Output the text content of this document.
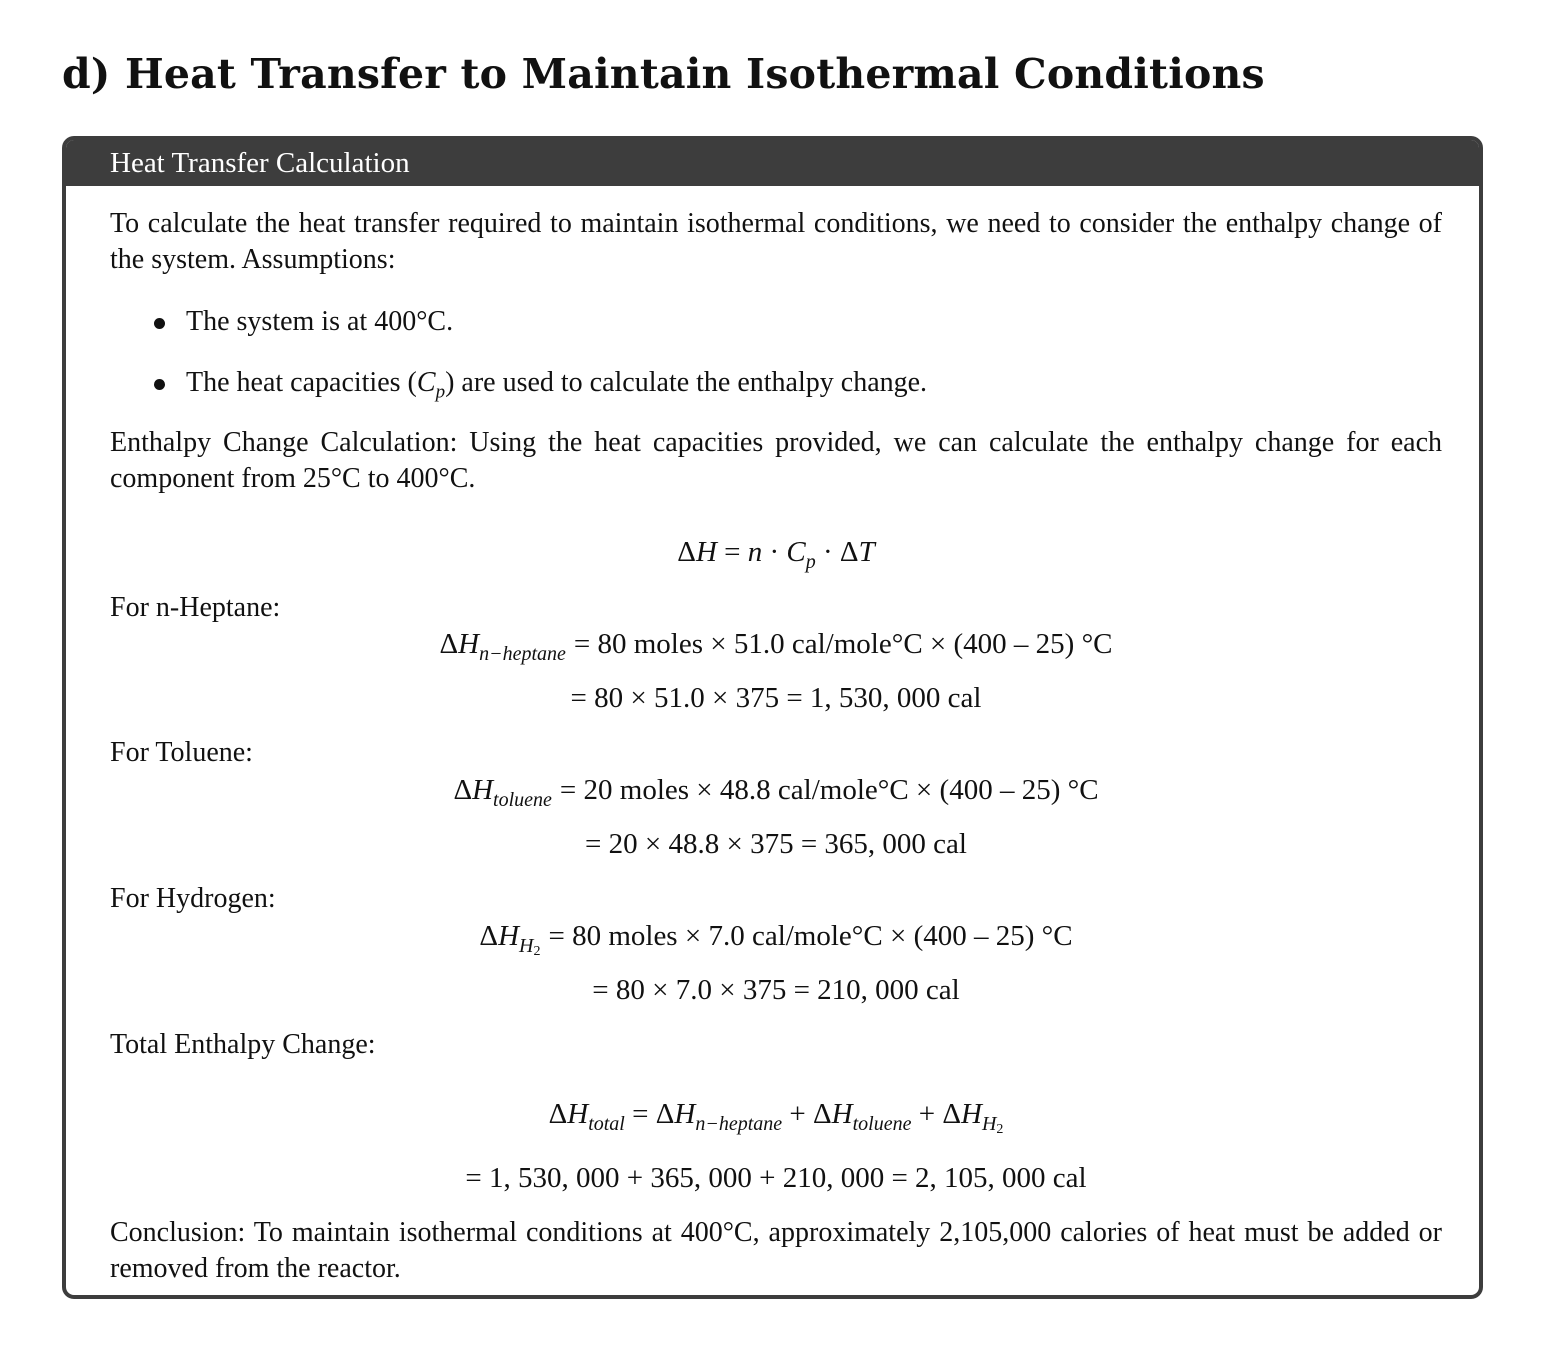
d) Heat Transfer to Maintain Isothermal Conditions
Heat Transfer Calculation

To calculate the heat transfer required to maintain isothermal conditions, we need to consider the enthalpy change of the system. Assumptions:

The system is at 400°C.
The heat capacities $(C_p)$ are used to calculate the enthalpy change.

Enthalpy Change Calculation: Using the heat capacities provided, we can calculate the enthalpy change for each component from 25°C to 400°C.

$\Delta H = n \cdot C_p \cdot \Delta T$
For n-Heptane:
$\Delta H_{n-heptane} = 80$ moles × 51.0 cal/mole°C × (400 – 25) °C
= 80 × 51.0 × 375 = 1, 530, 000 cal
For Toluene:
$\Delta H_{toluene} = 20$ moles × 48.8 cal/mole°C × (400 – 25) °C
= 20 × 48.8 × 375 = 365, 000 cal
For Hydrogen:
$\Delta H_{H2} = 80$ moles × 7.0 cal/mole°C × (400 – 25) °C
= 80 × 7.0 × 375 = 210, 000 cal
Total Enthalpy Change:
$\Delta H_{total} = \Delta H_{n-heptane} + \Delta H_{toluene} + \Delta H_{H2}$
= 1, 530, 000 + 365, 000 + 210, 000 = 2, 105, 000 cal

Conclusion: To maintain isothermal conditions at 400°C, approximately 2,105,000 calories of heat must be added or removed from the reactor.
